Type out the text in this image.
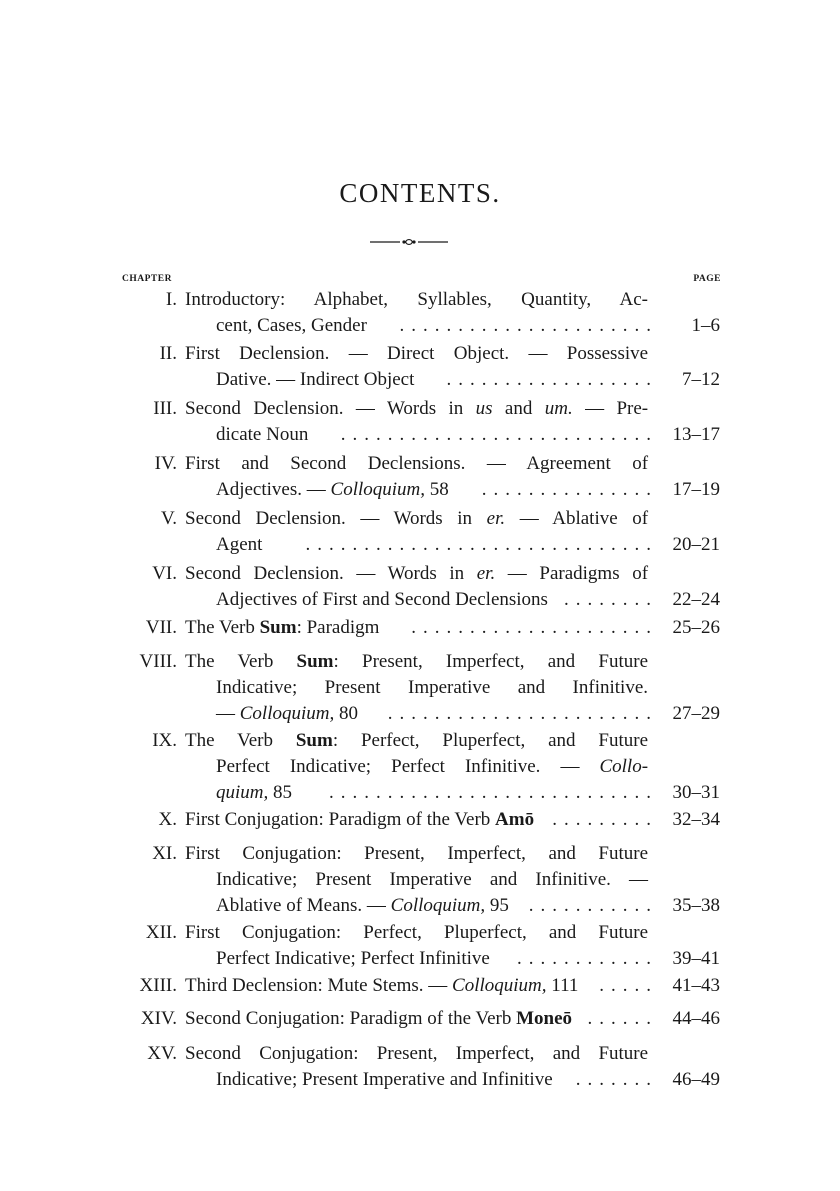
CONTENTS.
CHAPTER	PAGE
I. Introductory: Alphabet, Syllables, Quantity, Ac-
cent, Cases, Gender	...................... 1–6
II. First Declension. — Direct Object. — Possessive
Dative. — Indirect Object	.................. 7–12
III. Second Declension. — Words in us and um. — Pre-
dicate Noun	........................... 13–17
IV. First and Second Declensions. — Agreement of
Adjectives. — Colloquium, 58	............... 17–19
V. Second Declension. — Words in er. — Ablative of
Agent	.............................. 20–21
VI. Second Declension. — Words in er. — Paradigms of
Adjectives of First and Second Declensions ........ 22–24
VII. The Verb Sum: Paradigm	..................... 25–26
VIII. The Verb Sum: Present, Imperfect, and Future
Indicative; Present Imperative and Infinitive.
— Colloquium, 80	....................... 27–29
IX. The Verb Sum: Perfect, Pluperfect, and Future
Perfect Indicative; Perfect Infinitive. — Collo-
quium, 85	............................ 30–31
X. First Conjugation: Paradigm of the Verb Amō ......... 32–34
XI. First Conjugation: Present, Imperfect, and Future
Indicative; Present Imperative and Infinitive. —
Ablative of Means. — Colloquium, 95	........... 35–38
XII. First Conjugation: Perfect, Pluperfect, and Future
Perfect Indicative; Perfect Infinitive	............ 39–41
XIII. Third Declension: Mute Stems. — Colloquium, 111	..... 41–43
XIV. Second Conjugation: Paradigm of the Verb Moneō ...... 44–46
XV. Second Conjugation: Present, Imperfect, and Future
Indicative; Present Imperative and Infinitive	....... 46–49
